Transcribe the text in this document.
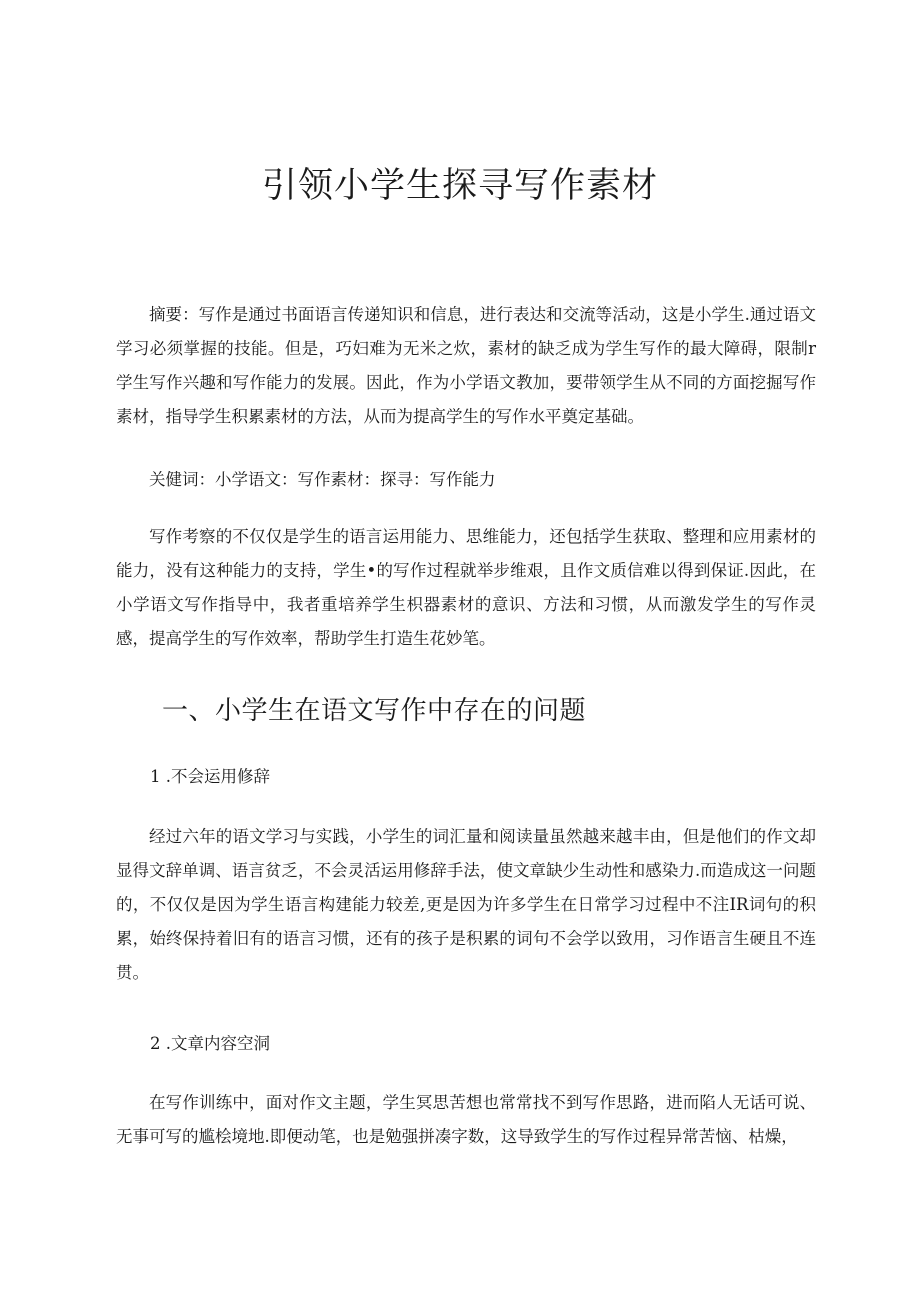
引领小学生探寻写作素材

摘要：写作是通过书面语言传递知识和信息，进行表达和交流等活动，这是小学生.通过语文学习必须掌握的技能。但是，巧妇难为无米之炊，素材的缺乏成为学生写作的最大障碍，限制r学生写作兴趣和写作能力的发展。因此，作为小学语文教加，要带领学生从不同的方面挖掘写作素材，指导学生积累素材的方法，从而为提高学生的写作水平奠定基础。

关健词：小学语文：写作素材：探寻：写作能力

写作考察的不仅仅是学生的语言运用能力、思维能力，还包括学生获取、整理和应用素材的能力，没有这种能力的支持，学生•的写作过程就举步维艰，且作文质信难以得到保证.因此，在小学语文写作指导中，我者重培养学生枳器素材的意识、方法和习惯，从而激发学生的写作灵感，提高学生的写作效率，帮助学生打造生花妙笔。

一、小学生在语文写作中存在的问题
1 .不会运用修辞

经过六年的语文学习与实践，小学生的词汇量和阅读量虽然越来越丰由，但是他们的作文却显得文辞单调、语言贫乏，不会灵活运用修辞手法，使文章缺少生动性和感染力.而造成这一问题的，不仅仅是因为学生语言构建能力较差,更是因为许多学生在日常学习过程中不注IR词句的积累，始终保持着旧有的语言习惯，还有的孩子是积累的词句不会学以致用，习作语言生硬且不连贯。

2 .文章内容空洞

在写作训练中，面对作文主题，学生冥思苦想也常常找不到写作思路，进而陷人无话可说、无事可写的尴桧境地.即便动笔，也是勉强拼凑字数，这导致学生的写作过程异常苦恼、枯燥，
